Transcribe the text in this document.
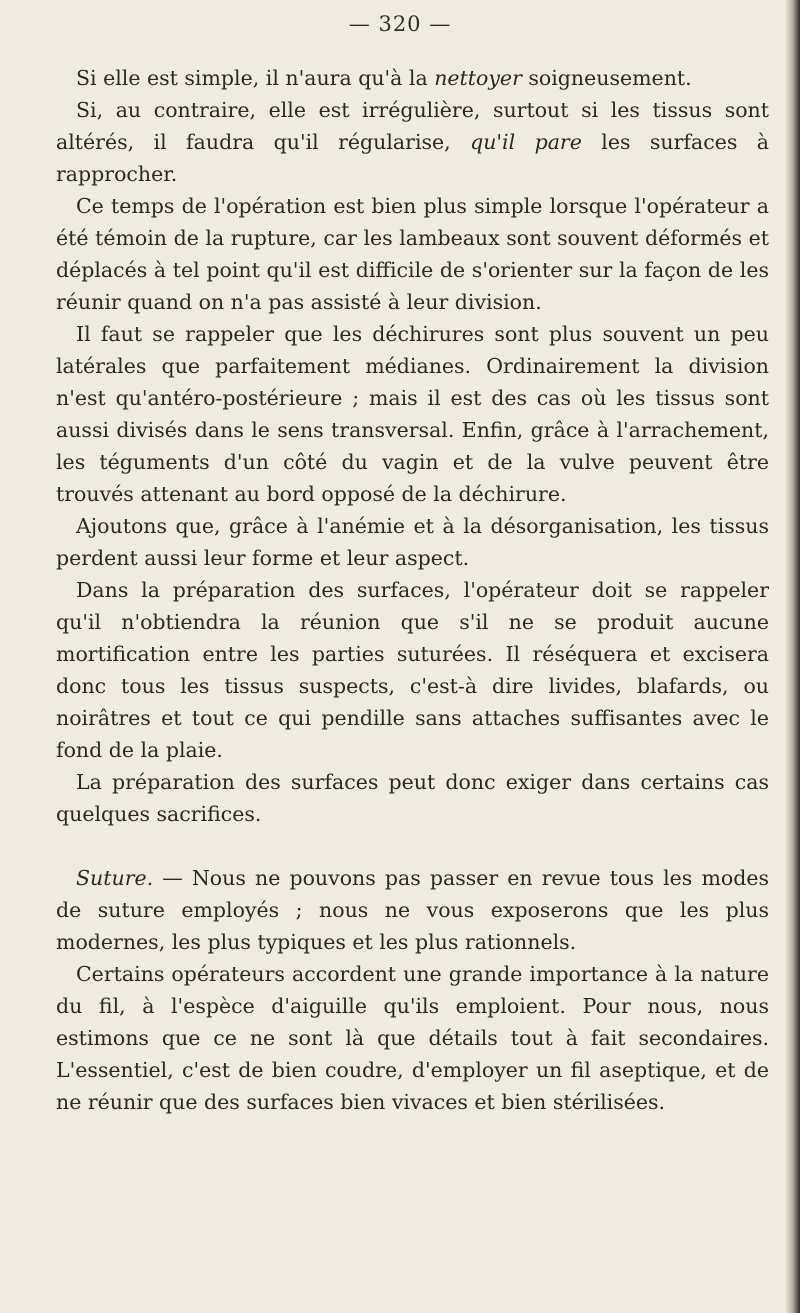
— 320 —

Si elle est simple, il n'aura qu'à la nettoyer soigneusement.

Si, au contraire, elle est irrégulière, surtout si les tissus sont altérés, il faudra qu'il régularise, qu'il pare les surfaces à rapprocher.

Ce temps de l'opération est bien plus simple lorsque l'opérateur a été témoin de la rupture, car les lambeaux sont souvent déformés et déplacés à tel point qu'il est difficile de s'orienter sur la façon de les réunir quand on n'a pas assisté à leur division.

Il faut se rappeler que les déchirures sont plus souvent un peu latérales que parfaitement médianes. Ordinairement la division n'est qu'antéro-postérieure ; mais il est des cas où les tissus sont aussi divisés dans le sens transversal. Enfin, grâce à l'arrachement, les téguments d'un côté du vagin et de la vulve peuvent être trouvés attenant au bord opposé de la déchirure.

Ajoutons que, grâce à l'anémie et à la désorganisation, les tissus perdent aussi leur forme et leur aspect.

Dans la préparation des surfaces, l'opérateur doit se rappeler qu'il n'obtiendra la réunion que s'il ne se produit aucune mortification entre les parties suturées. Il réséquera et excisera donc tous les tissus suspects, c'est-à dire livides, blafards, ou noirâtres et tout ce qui pendille sans attaches suffisantes avec le fond de la plaie.

La préparation des surfaces peut donc exiger dans certains cas quelques sacrifices.

Suture. — Nous ne pouvons pas passer en revue tous les modes de suture employés ; nous ne vous exposerons que les plus modernes, les plus typiques et les plus rationnels.

Certains opérateurs accordent une grande importance à la nature du fil, à l'espèce d'aiguille qu'ils emploient. Pour nous, nous estimons que ce ne sont là que détails tout à fait secondaires. L'essentiel, c'est de bien coudre, d'employer un fil aseptique, et de ne réunir que des surfaces bien vivaces et bien stérilisées.
